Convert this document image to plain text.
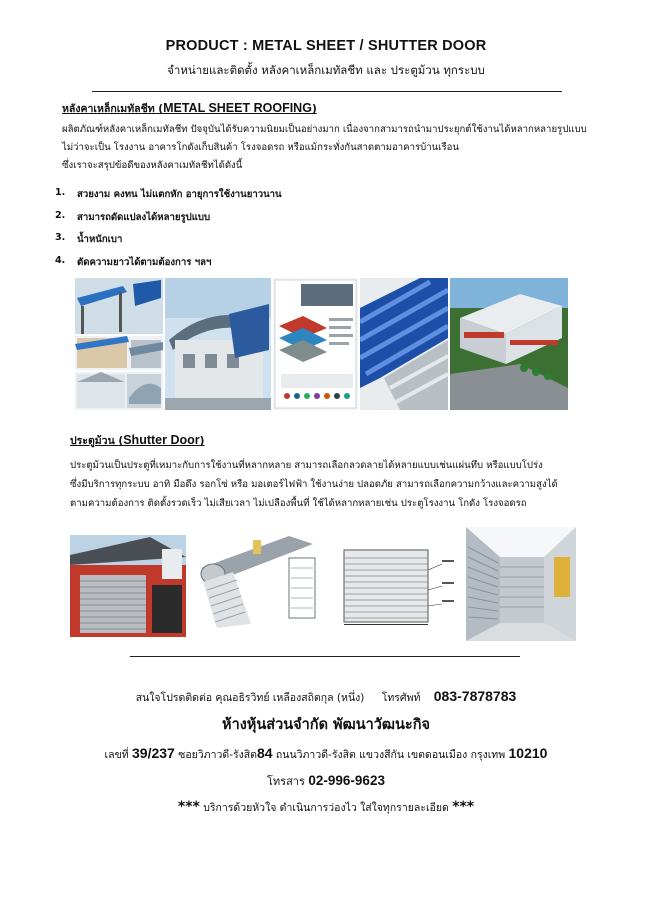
PRODUCT : METAL SHEET / SHUTTER DOOR
จำหน่ายและติดตั้ง หลังคาเหล็กเมทัลชีท และ ประตูม้วน ทุกระบบ
หลังคาเหล็กเมทัลชีท (METAL SHEET ROOFING)
ผลิตภัณฑ์หลังคาเหล็กเมทัลชีท ปัจจุบันได้รับความนิยมเป็นอย่างมาก เนื่องจากสามารถนำมาประยุกต์ใช้งานได้หลากหลายรูปแบบ
ไม่ว่าจะเป็น โรงงาน อาคารโกดังเก็บสินค้า โรงจอดรถ หรือแม้กระทั่งกันสาดตามอาคารบ้านเรือน
ซึ่งเราจะสรุปข้อดีของหลังคาเมทัลชีทได้ดังนี้
1.	สวยงาม คงทน ไม่แตกหัก อายุการใช้งานยาวนาน
2.	สามารถดัดแปลงได้หลายรูปแบบ
3.	น้ำหนักเบา
4.	ตัดความยาวได้ตามต้องการ ฯลฯ
ประตูม้วน (Shutter Door)
ประตูม้วนเป็นประตูที่เหมาะกับการใช้งานที่หลากหลาย สามารถเลือกลวดลายได้หลายแบบเช่นแผ่นทึบ หรือแบบโปร่ง
ซึ่งมีบริการทุกระบบ อาทิ มือดึง รอกโซ่ หรือ มอเตอร์ไฟฟ้า ใช้งานง่าย ปลอดภัย สามารถเลือกความกว้างและความสูงได้
ตามความต้องการ ติดตั้งรวดเร็ว ไม่เสียเวลา ไม่เปลืองพื้นที่ ใช้ได้หลากหลายเช่น ประตูโรงงาน โกดัง โรงจอดรถ
สนใจโปรดติดต่อ คุณอธิรวิทย์ เหลืองสถิตกุล (หนึ่ง) โทรศัพท์ 083-7878783
ห้างหุ้นส่วนจำกัด พัฒนาวัฒนะกิจ
เลขที่ 39/237 ซอยวิภาวดี-รังสิต84 ถนนวิภาวดี-รังสิต แขวงสีกัน เขตดอนเมือง กรุงเทพ 10210
โทรสาร 02-996-9623
*** บริการด้วยหัวใจ ดำเนินการว่องไว ใส่ใจทุกรายละเอียด ***
